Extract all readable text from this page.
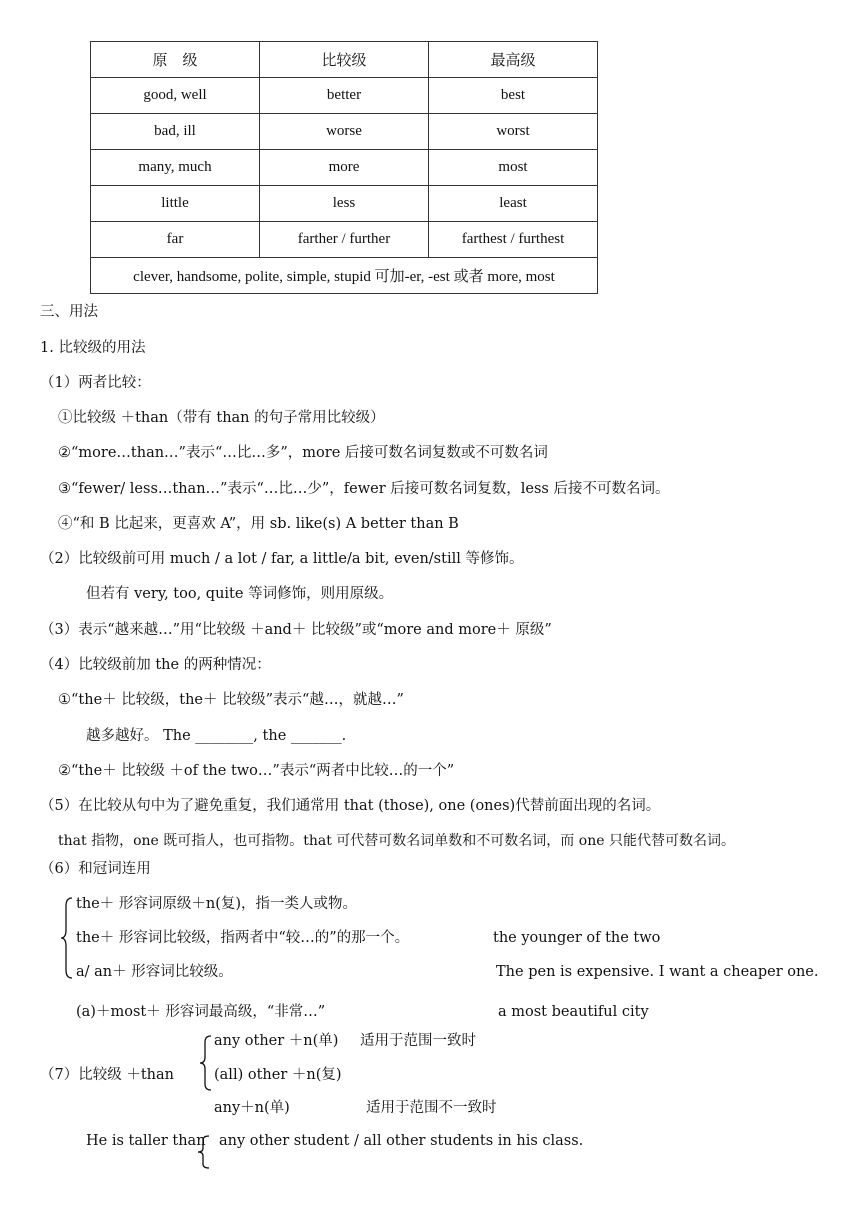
原　级	比较级	最高级
good, well	better	best
bad, ill	worse	worst
many, much	more	most
little	less	least
far	farther / further	farthest / furthest
clever, handsome, polite, simple, stupid 可加-er, -est 或者 more, most		
三、用法
1. 比较级的用法
（1）两者比较：
①比较级 ＋than（带有 than 的句子常用比较级）
②“more…than…”表示“…比…多”，more 后接可数名词复数或不可数名词
③“fewer/ less…than…”表示“…比…少”，fewer 后接可数名词复数，less 后接不可数名词。
④“和 B 比起来，更喜欢 A”，用 sb. like(s) A better than B
（2）比较级前可用 much / a lot / far, a little/a bit, even/still 等修饰。
但若有 very, too, quite 等词修饰，则用原级。
（3）表示“越来越…”用“比较级 ＋and＋ 比较级”或“more and more＋ 原级”
（4）比较级前加 the 的两种情况：
①“the＋ 比较级，the＋ 比较级”表示“越…，就越…”
越多越好。 The ________, the _______.
②“the＋ 比较级 ＋of the two…”表示“两者中比较…的一个”
（5）在比较从句中为了避免重复，我们通常用 that (those), one (ones)代替前面出现的名词。
that 指物，one 既可指人，也可指物。that 可代替可数名词单数和不可数名词，而 one 只能代替可数名词。
（6）和冠词连用
the＋ 形容词原级＋n(复)，指一类人或物。
the＋ 形容词比较级，指两者中“较…的”的那一个。	the younger of the two
a/ an＋ 形容词比较级。	The pen is expensive. I want a cheaper one.
(a)＋most＋ 形容词最高级，“非常…”	a most beautiful city
any other ＋n(单) 适用于范围一致时
（7）比较级 ＋than	(all) other ＋n(复)
any＋n(单)	适用于范围不一致时
He is taller than any other student / all other students in his class.
